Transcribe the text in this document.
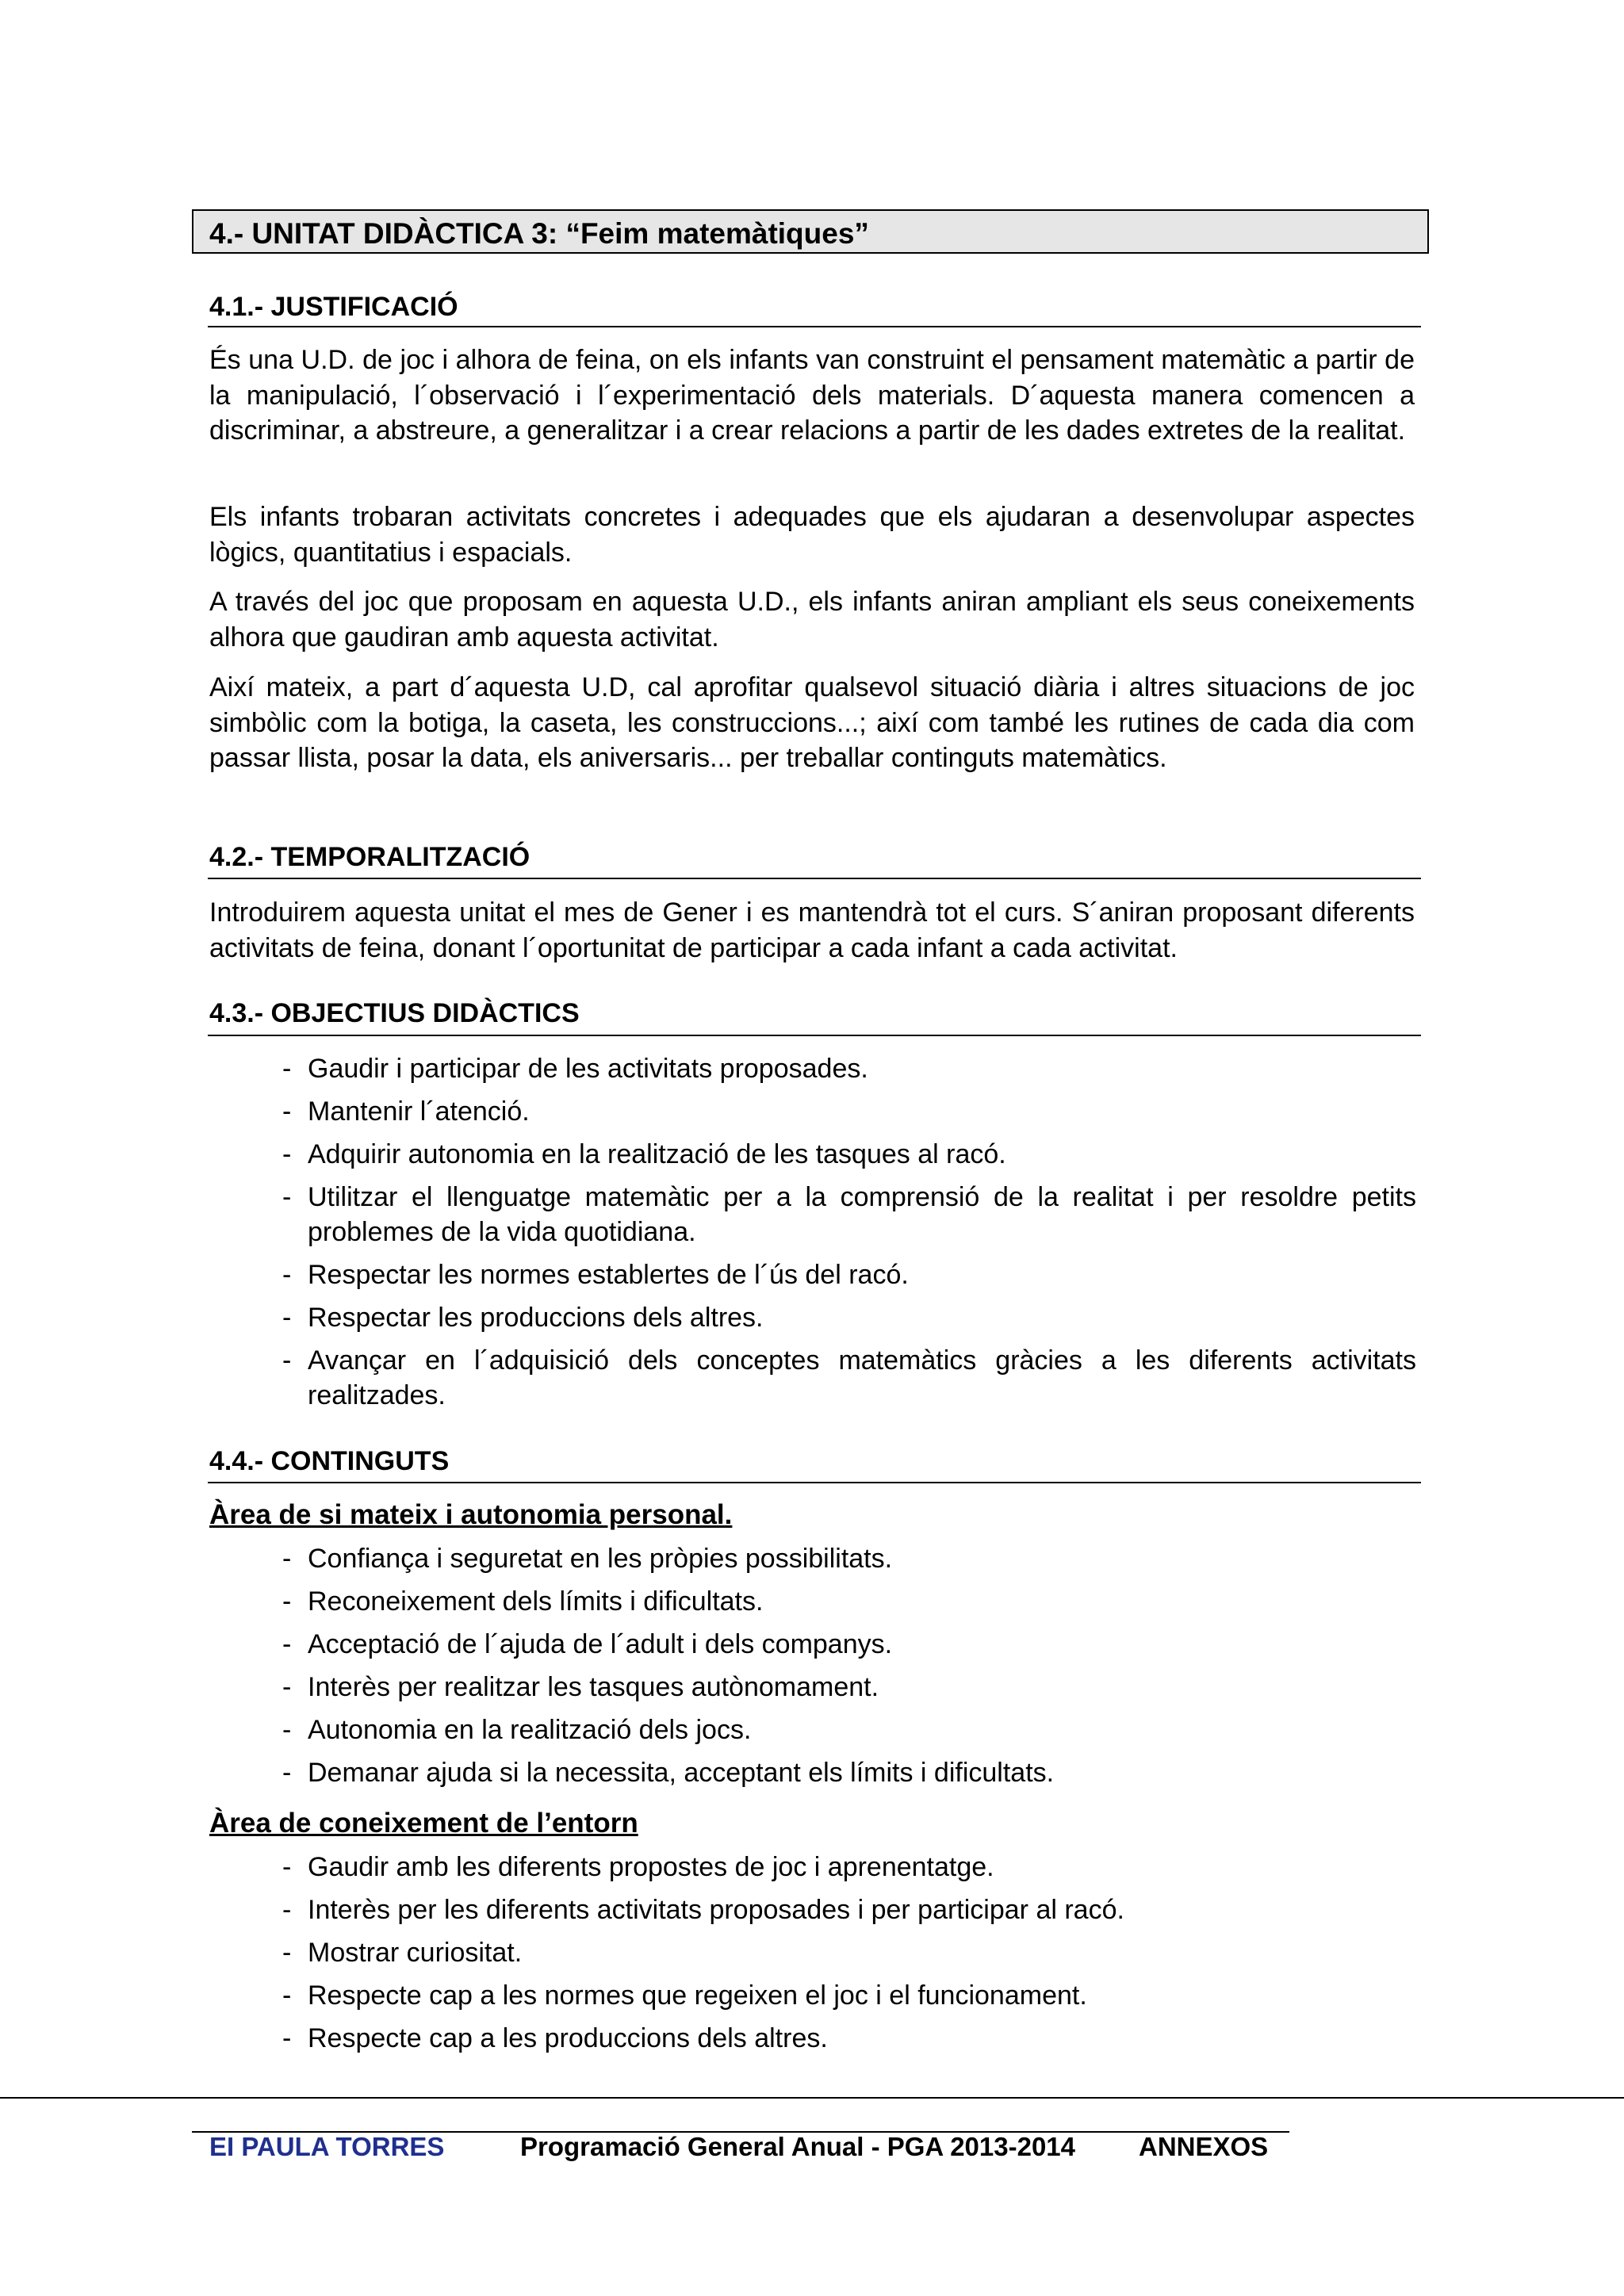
4.- UNITAT DIDÀCTICA 3: “Feim matemàtiques”
4.1.- JUSTIFICACIÓ

És una U.D. de joc i alhora de feina, on els infants van construint el pensament matemàtic a partir de la manipulació, l´observació i l´experimentació dels materials. D´aquesta manera comencen a discriminar, a abstreure, a generalitzar i a crear relacions a partir de les dades extretes de la realitat.

Els infants trobaran activitats concretes i adequades que els ajudaran a desenvolupar aspectes lògics, quantitatius i espacials.

A través del joc que proposam en aquesta U.D., els infants aniran ampliant els seus coneixements alhora que gaudiran amb aquesta activitat.

Així mateix, a part d´aquesta U.D, cal aprofitar qualsevol situació diària i altres situacions de joc simbòlic com la botiga, la caseta, les construccions...; així com també les rutines de cada dia com passar llista, posar la data, els aniversaris... per treballar continguts matemàtics.

4.2.- TEMPORALITZACIÓ

Introduirem aquesta unitat el mes de Gener i es mantendrà tot el curs. S´aniran proposant diferents activitats de feina, donant l´oportunitat de participar a cada infant a cada activitat.

4.3.- OBJECTIUS DIDÀCTICS
- Gaudir i participar de les activitats proposades.
- Mantenir l´atenció.
- Adquirir autonomia en la realització de les tasques al racó.
- Utilitzar el llenguatge matemàtic per a la comprensió de la realitat i per resoldre petits problemes de la vida quotidiana.
- Respectar les normes establertes de l´ús del racó.
- Respectar les produccions dels altres.
- Avançar en l´adquisició dels conceptes matemàtics gràcies a les diferents activitats realitzades.
4.4.- CONTINGUTS
Àrea de si mateix i autonomia personal.
- Confiança i seguretat en les pròpies possibilitats.
- Reconeixement dels límits i dificultats.
- Acceptació de l´ajuda de l´adult i dels companys.
- Interès per realitzar les tasques autònomament.
- Autonomia en la realització dels jocs.
- Demanar ajuda si la necessita, acceptant els límits i dificultats.
Àrea de coneixement de l’entorn
- Gaudir amb les diferents propostes de joc i aprenentatge.
- Interès per les diferents activitats proposades i per participar al racó.
- Mostrar curiositat.
- Respecte cap a les normes que regeixen el joc i el funcionament.
- Respecte cap a les produccions dels altres.
EI PAULA TORRES	Programació General Anual - PGA 2013-2014 ANNEXOS
